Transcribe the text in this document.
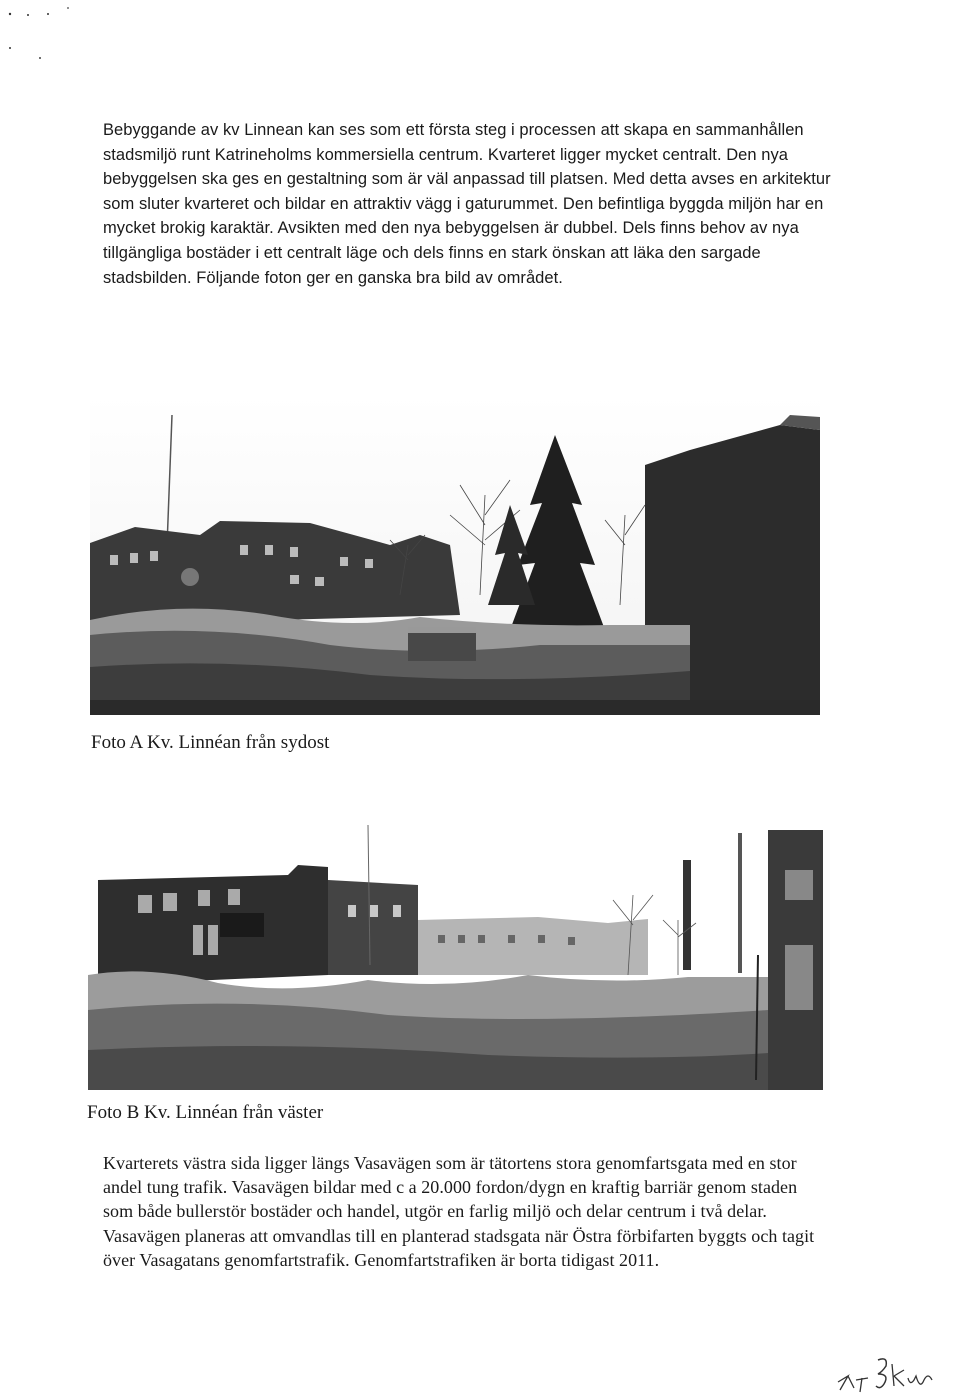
Bebyggande av kv Linnean kan ses som ett första steg i processen att skapa en sammanhållen stadsmiljö runt Katrineholms kommersiella centrum. Kvarteret ligger mycket centralt. Den nya bebyggelsen ska ges en gestaltning som är väl anpassad till platsen. Med detta avses en arkitektur som sluter kvarteret och bildar en attraktiv vägg i gaturummet. Den befintliga byggda miljön har en mycket brokig karaktär. Avsikten med den nya bebyggelsen är dubbel. Dels finns behov av nya tillgängliga bostäder i ett centralt läge och dels finns en stark önskan att läka den sargade stadsbilden. Följande foton ger en ganska bra bild av området.

Foto A Kv. Linnéan från sydost

Foto B Kv. Linnéan från väster

Kvarterets västra sida ligger längs Vasavägen som är tätortens stora genomfartsgata med en stor andel tung trafik. Vasavägen bildar med c a 20.000 fordon/dygn en kraftig barriär genom staden som både bullerstör bostäder och handel, utgör en farlig miljö och delar centrum i två delar. Vasavägen planeras att omvandlas till en planterad stadsgata när Östra förbifarten byggts och tagit över Vasagatans genomfartstrafik. Genomfartstrafiken är borta tidigast 2011.
